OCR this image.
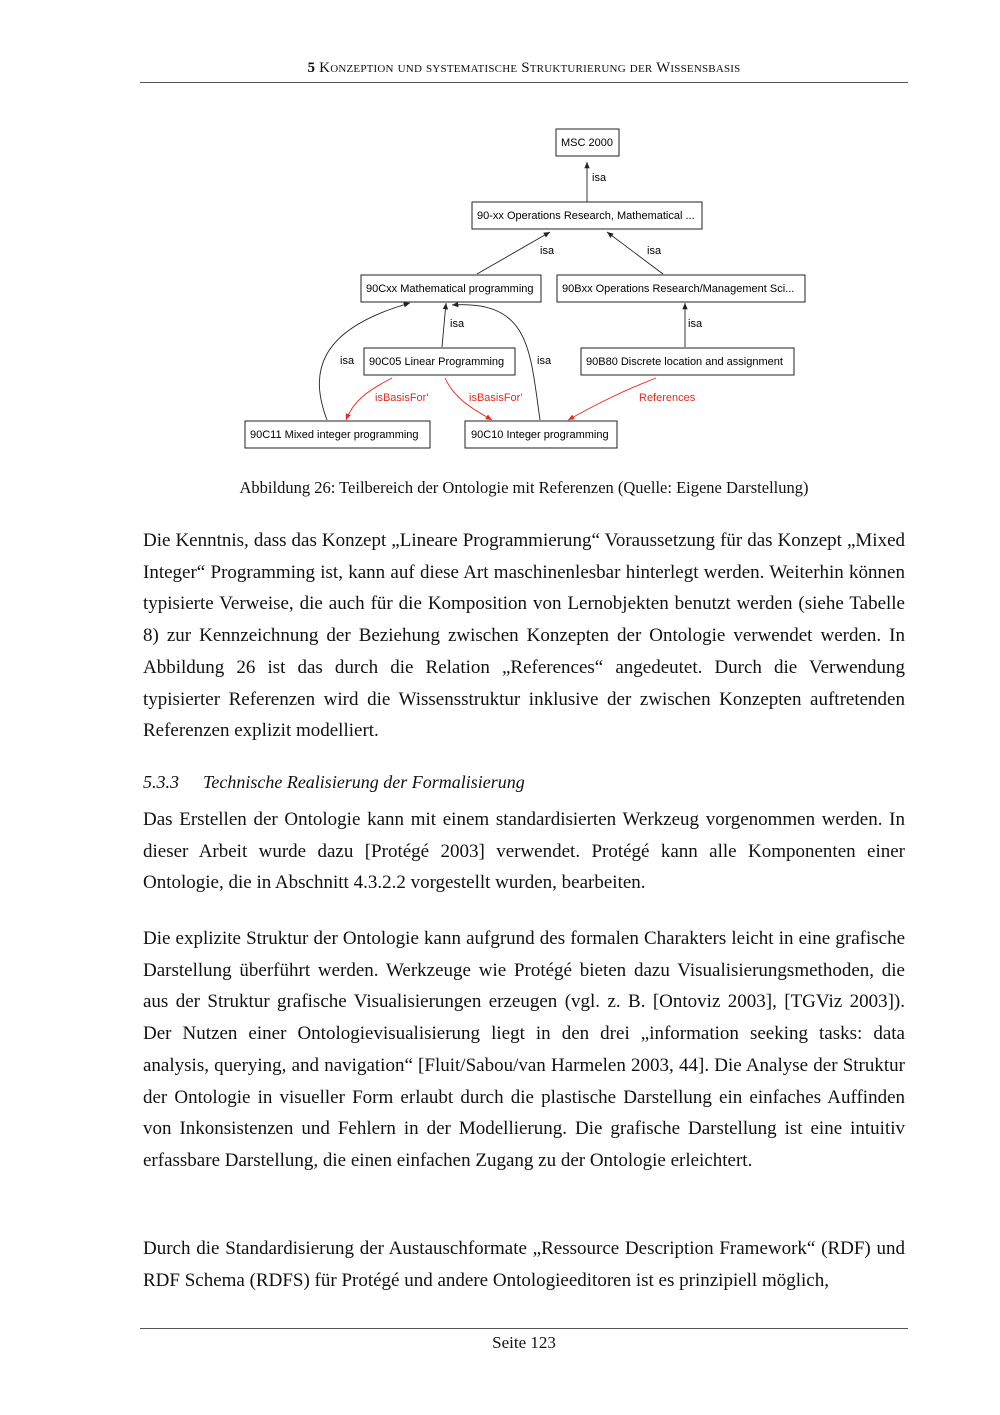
5 Konzeption und systematische Strukturierung der Wissensbasis
isa
isa	isa
isa	isa
isa	isa
isBasisFor'	isBasisFor'	References
MSC 2000
90-xx Operations Research, Mathematical ...
90Cxx Mathematical programming	90Bxx Operations Research/Management Sci...
90C05 Linear Programming	90B80 Discrete location and assignment
90C11 Mixed integer programming	90C10 Integer programming
Abbildung 26: Teilbereich der Ontologie mit Referenzen (Quelle: Eigene Darstellung)

Die Kenntnis, dass das Konzept „Lineare Programmierung“ Voraussetzung für das Konzept „Mixed Integer“ Programming ist, kann auf diese Art maschinenlesbar hinterlegt werden. Weiterhin können typisierte Verweise, die auch für die Komposition von Lernobjekten benutzt werden (siehe Tabelle 8) zur Kennzeichnung der Beziehung zwischen Konzepten der Ontologie verwendet werden. In Abbildung 26 ist das durch die Relation „References“ angedeutet. Durch die Verwendung typisierter Referenzen wird die Wissensstruktur inklusive der zwischen Konzepten auftretenden Referenzen explizit modelliert.

5.3.3 Technische Realisierung der Formalisierung

Das Erstellen der Ontologie kann mit einem standardisierten Werkzeug vorgenommen werden. In dieser Arbeit wurde dazu [Protégé 2003] verwendet. Protégé kann alle Komponenten einer Ontologie, die in Abschnitt 4.3.2.2 vorgestellt wurden, bearbeiten.

Die explizite Struktur der Ontologie kann aufgrund des formalen Charakters leicht in eine grafische Darstellung überführt werden. Werkzeuge wie Protégé bieten dazu Visualisierungsmethoden, die aus der Struktur grafische Visualisierungen erzeugen (vgl. z. B. [Ontoviz 2003], [TGViz 2003]). Der Nutzen einer Ontologievisualisierung liegt in den drei „information seeking tasks: data analysis, querying, and navigation“ [Fluit/Sabou/van Harmelen 2003, 44]. Die Analyse der Struktur der Ontologie in visueller Form erlaubt durch die plastische Darstellung ein einfaches Auffinden von Inkonsistenzen und Fehlern in der Modellierung. Die grafische Darstellung ist eine intuitiv erfassbare Darstellung, die einen einfachen Zugang zu der Ontologie erleichtert.

Durch die Standardisierung der Austauschformate „Ressource Description Framework“ (RDF) und RDF Schema (RDFS) für Protégé und andere Ontologieeditoren ist es prinzipiell möglich,

Seite 123
